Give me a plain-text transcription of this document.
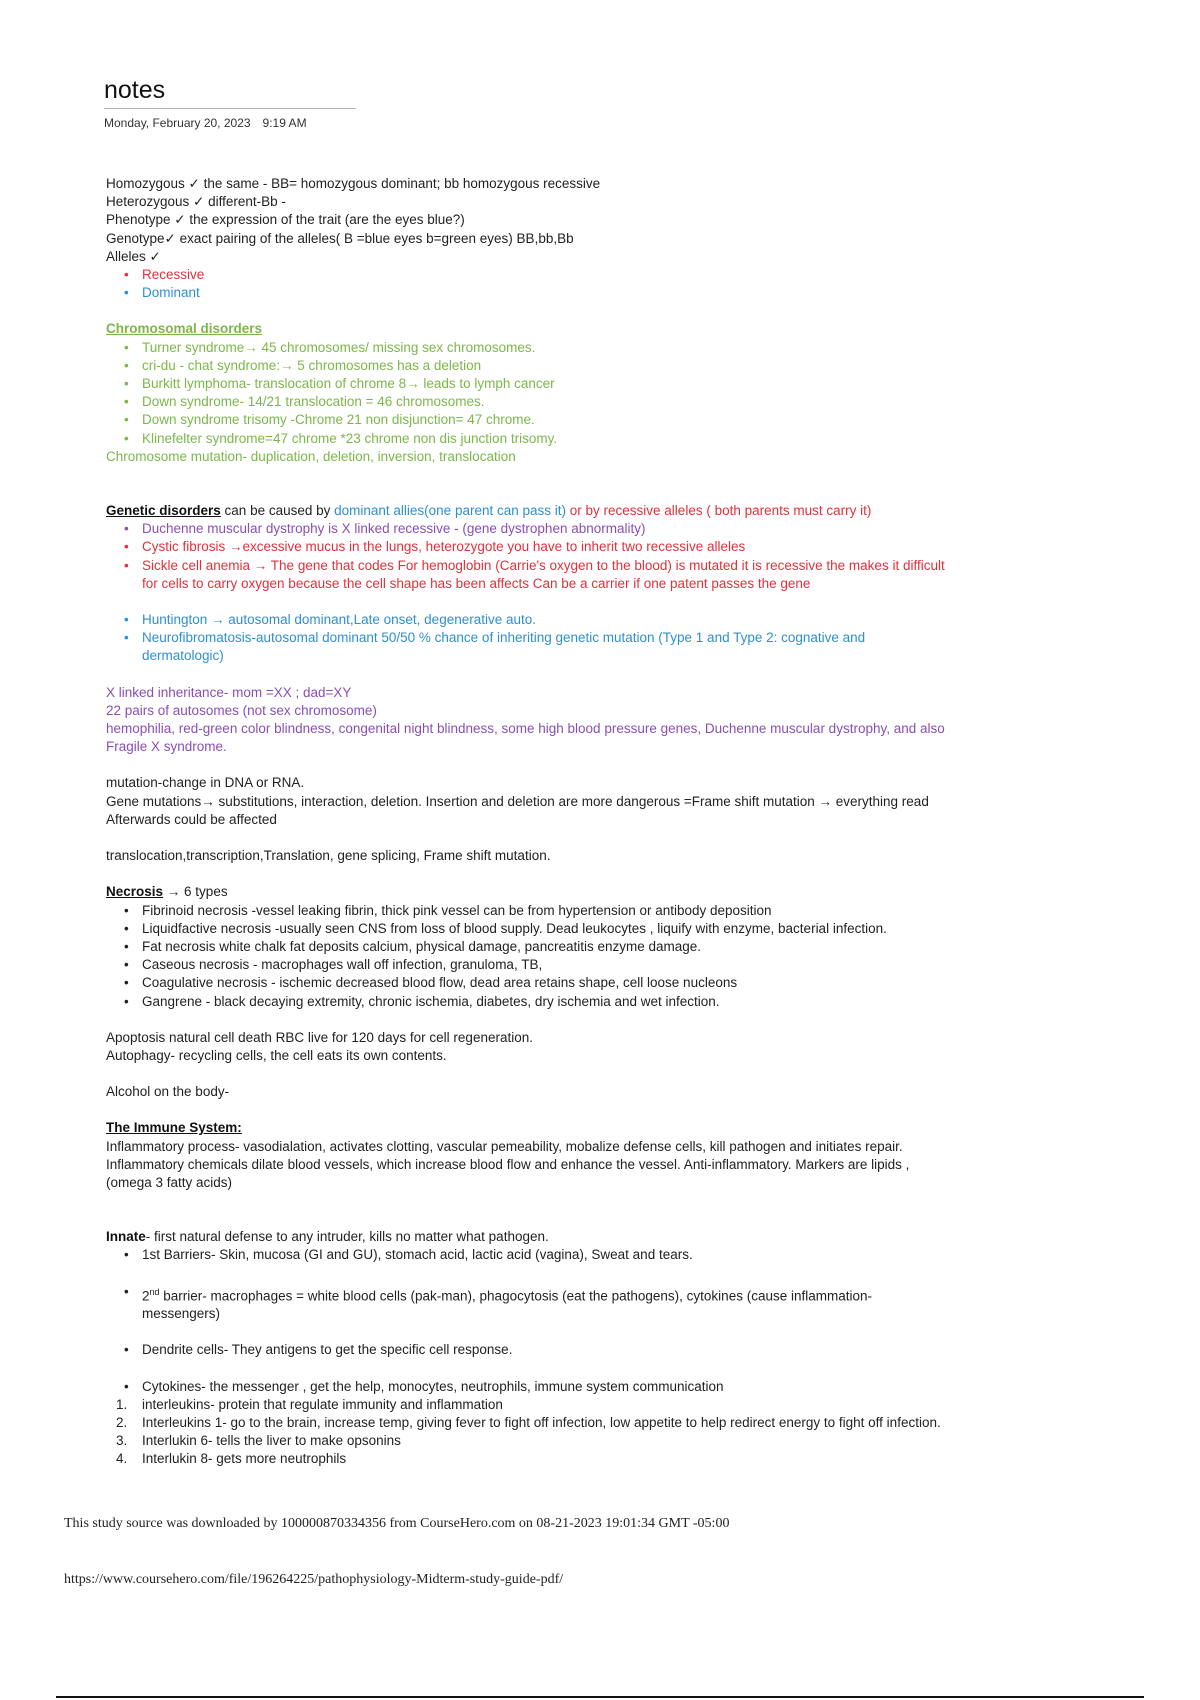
notes
Monday, February 20, 2023 9:19 AM

Homozygous ✓ the same - BB= homozygous dominant; bb homozygous recessive

Heterozygous ✓ different-Bb -

Phenotype ✓ the expression of the trait (are the eyes blue?)

Genotype✓ exact pairing of the alleles( B =blue eyes b=green eyes) BB,bb,Bb

Alleles ✓

• Recessive
• Dominant

Chromosomal disorders

• Turner syndrome→ 45 chromosomes/ missing sex chromosomes.
• cri-du - chat syndrome:→ 5 chromosomes has a deletion
• Burkitt lymphoma- translocation of chrome 8→ leads to lymph cancer
• Down syndrome- 14/21 translocation = 46 chromosomes.
• Down syndrome trisomy -Chrome 21 non disjunction= 47 chrome.
• Klinefelter syndrome=47 chrome *23 chrome non dis junction trisomy.

Chromosome mutation- duplication, deletion, inversion, translocation

Genetic disorders can be caused by dominant allies(one parent can pass it) or by recessive alleles ( both parents must carry it)

• Duchenne muscular dystrophy is X linked recessive - (gene dystrophen abnormality)
• Cystic fibrosis →excessive mucus in the lungs, heterozygote you have to inherit two recessive alleles
• Sickle cell anemia → The gene that codes For hemoglobin (Carrie's oxygen to the blood) is mutated it is recessive the makes it difficult for cells to carry oxygen because the cell shape has been affects Can be a carrier if one patent passes the gene
• Huntington → autosomal dominant,Late onset, degenerative auto.
• Neurofibromatosis-autosomal dominant 50/50 % chance of inheriting genetic mutation (Type 1 and Type 2: cognative and dermatologic)

X linked inheritance- mom =XX ; dad=XY

22 pairs of autosomes (not sex chromosome)

hemophilia, red-green color blindness, congenital night blindness, some high blood pressure genes, Duchenne muscular dystrophy, and also Fragile X syndrome.

mutation-change in DNA or RNA.

Gene mutations→ substitutions, interaction, deletion. Insertion and deletion are more dangerous =Frame shift mutation → everything read Afterwards could be affected

translocation,transcription,Translation, gene splicing, Frame shift mutation.

Necrosis → 6 types

• Fibrinoid necrosis -vessel leaking fibrin, thick pink vessel can be from hypertension or antibody deposition
• Liquidfactive necrosis -usually seen CNS from loss of blood supply. Dead leukocytes , liquify with enzyme, bacterial infection.
• Fat necrosis white chalk fat deposits calcium, physical damage, pancreatitis enzyme damage.
• Caseous necrosis - macrophages wall off infection, granuloma, TB,
• Coagulative necrosis - ischemic decreased blood flow, dead area retains shape, cell loose nucleons
• Gangrene - black decaying extremity, chronic ischemia, diabetes, dry ischemia and wet infection.

Apoptosis natural cell death RBC live for 120 days for cell regeneration.

Autophagy- recycling cells, the cell eats its own contents.

Alcohol on the body-

The Immune System:

Inflammatory process- vasodialation, activates clotting, vascular pemeability, mobalize defense cells, kill pathogen and initiates repair. Inflammatory chemicals dilate blood vessels, which increase blood flow and enhance the vessel. Anti-inflammatory. Markers are lipids , (omega 3 fatty acids)

Innate- first natural defense to any intruder, kills no matter what pathogen.

• 1st Barriers- Skin, mucosa (GI and GU), stomach acid, lactic acid (vagina), Sweat and tears.
• 2nd barrier- macrophages = white blood cells (pak-man), phagocytosis (eat the pathogens), cytokines (cause inflammation- messengers)
• Dendrite cells- They antigens to get the specific cell response.
• Cytokines- the messenger , get the help, monocytes, neutrophils, immune system communication
1. interleukins- protein that regulate immunity and inflammation
2. Interleukins 1- go to the brain, increase temp, giving fever to fight off infection, low appetite to help redirect energy to fight off infection.
3. Interlukin 6- tells the liver to make opsonins
4. Interlukin 8- gets more neutrophils
This study source was downloaded by 100000870334356 from CourseHero.com on 08-21-2023 19:01:34 GMT -05:00
https://www.coursehero.com/file/196264225/pathophysiology-Midterm-study-guide-pdf/
